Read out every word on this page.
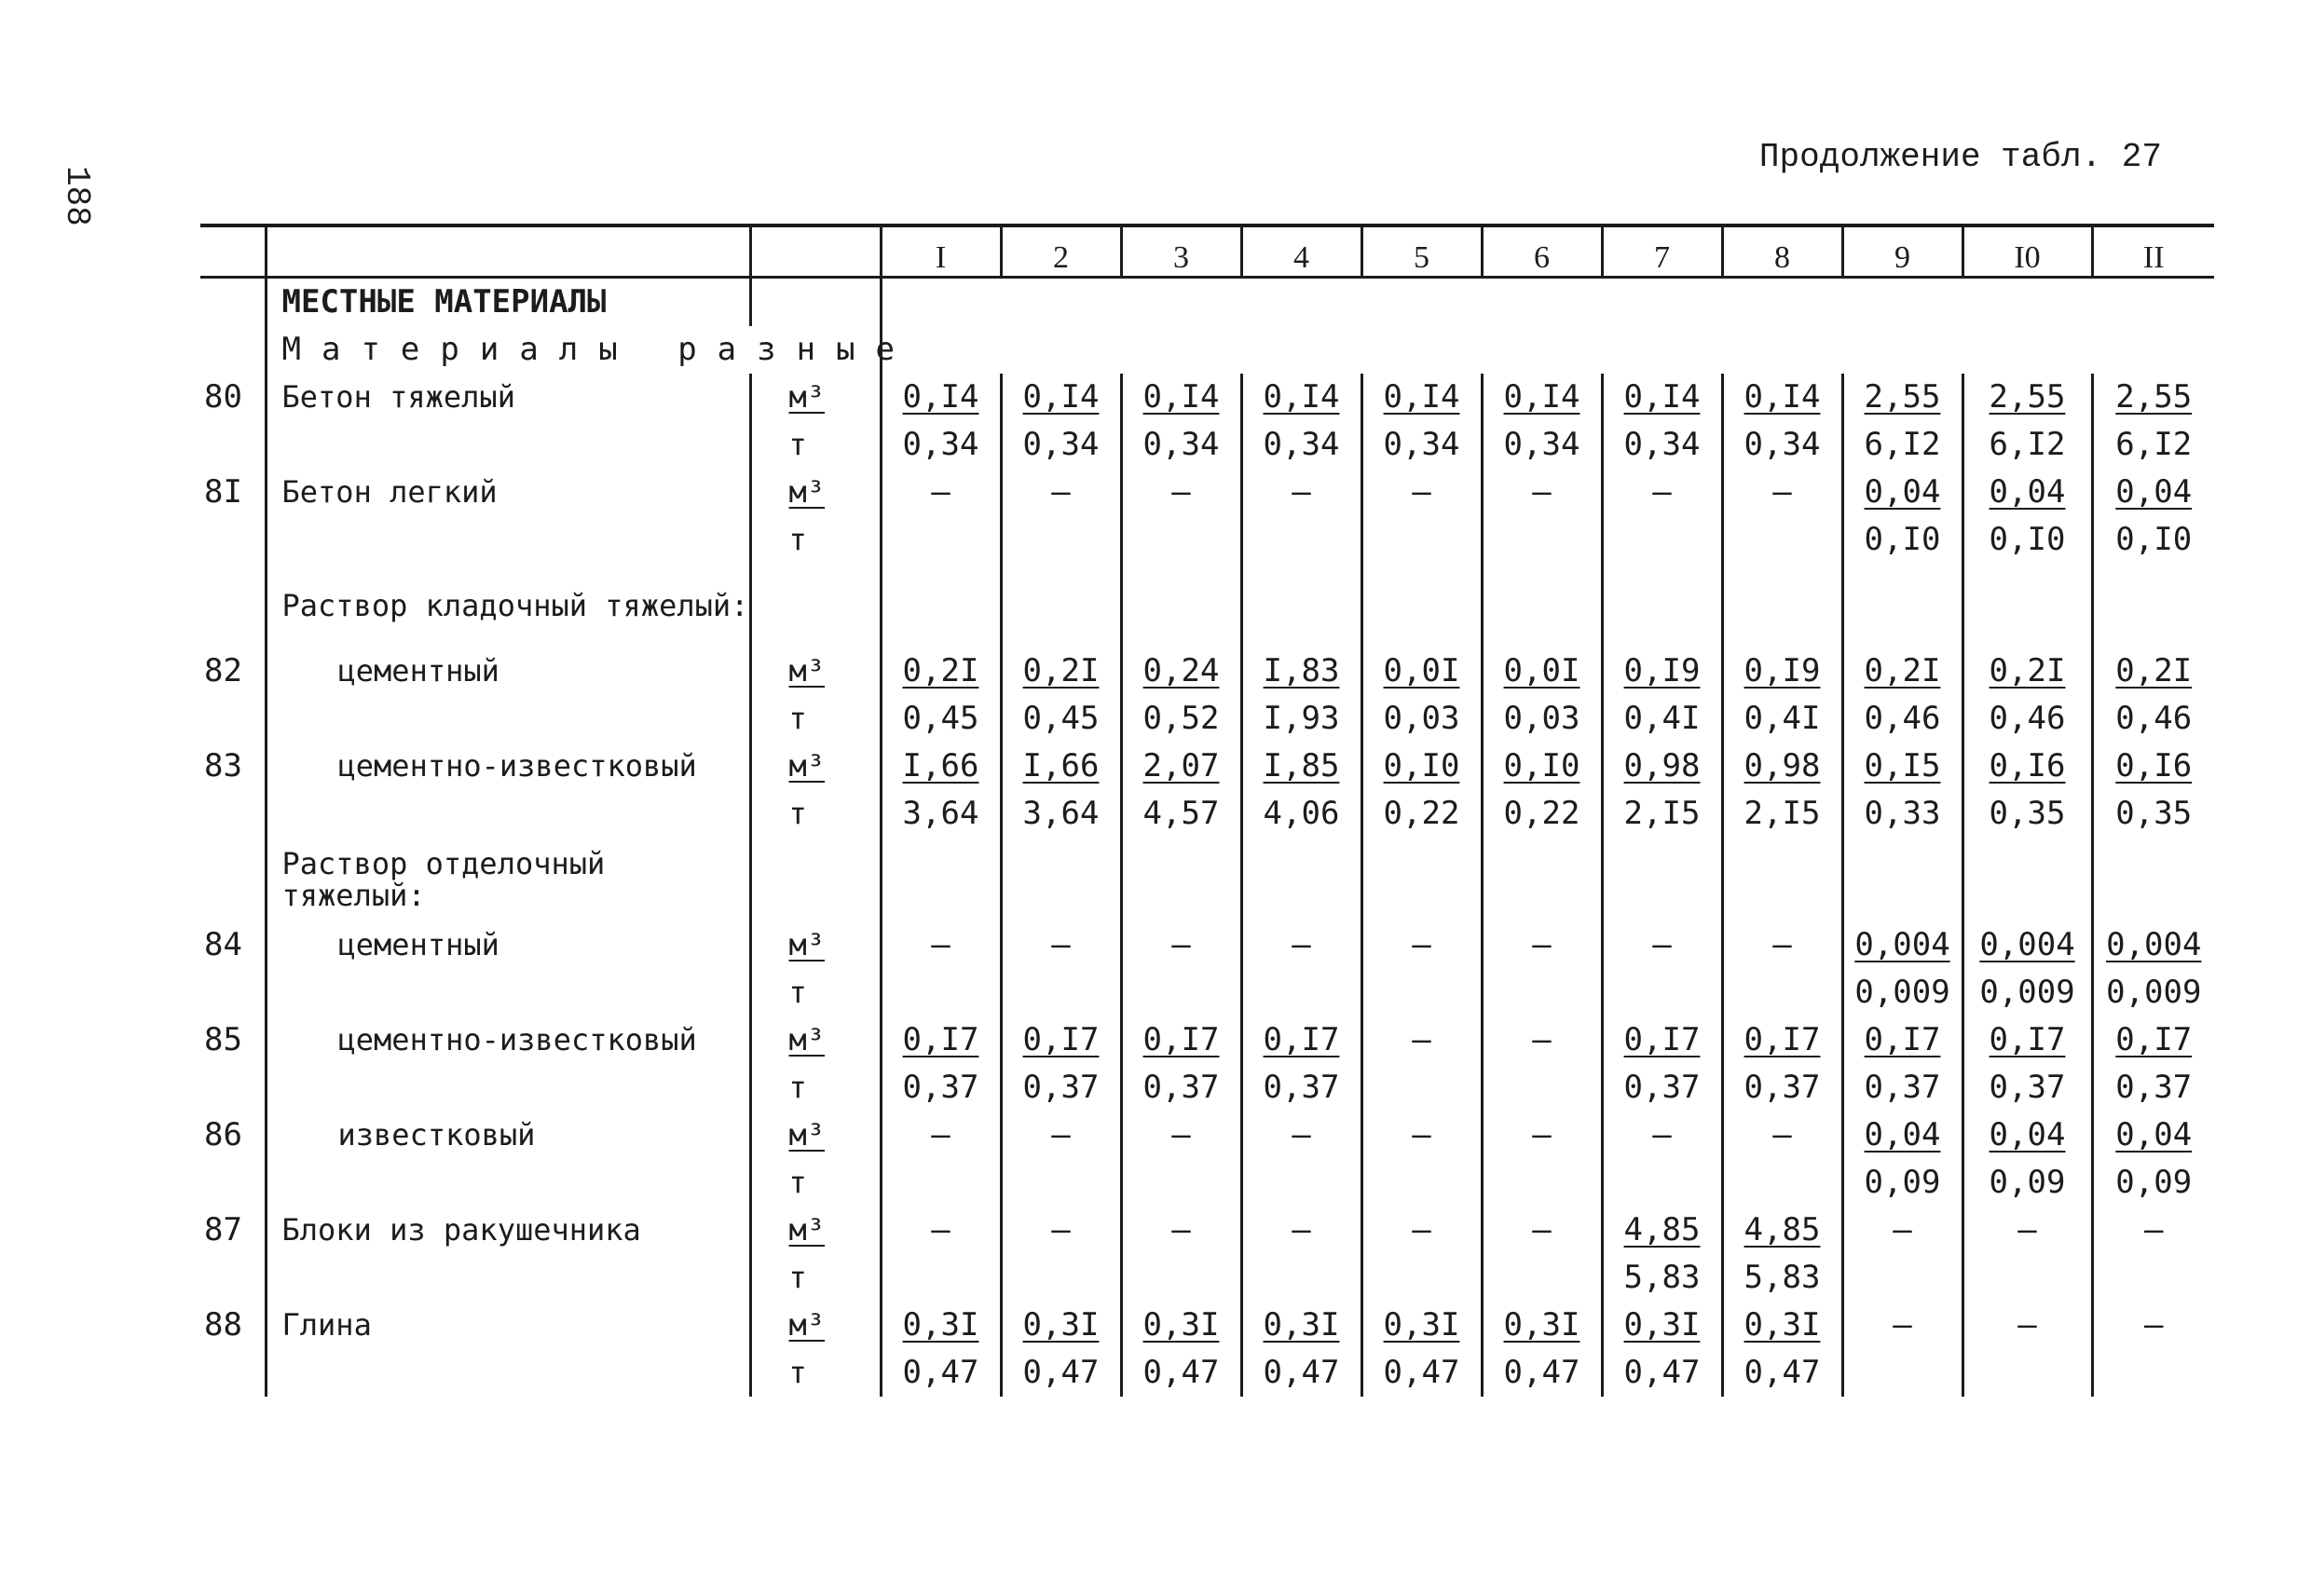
188
Продолжение табл. 27
			I	2	3	4	5	6	7	8	9	I0	II
	МЕСТНЫЕ МАТЕРИАЛЫ												
	Материалы разные												
80	Бетон тяжелый	м³	0,I4	0,I4	0,I4	0,I4	0,I4	0,I4	0,I4	0,I4	2,55	2,55	2,55
		т	0,34	0,34	0,34	0,34	0,34	0,34	0,34	0,34	6,I2	6,I2	6,I2
8I	Бетон легкий	м³	–	–	–	–	–	–	–	–	0,04	0,04	0,04
		т									0,I0	0,I0	0,I0
	Раствор кладочный тяжелый:												
82	цементный	м³	0,2I	0,2I	0,24	I,83	0,0I	0,0I	0,I9	0,I9	0,2I	0,2I	0,2I
		т	0,45	0,45	0,52	I,93	0,03	0,03	0,4I	0,4I	0,46	0,46	0,46
83	цементно-известковый	м³	I,66	I,66	2,07	I,85	0,I0	0,I0	0,98	0,98	0,I5	0,I6	0,I6
		т	3,64	3,64	4,57	4,06	0,22	0,22	2,I5	2,I5	0,33	0,35	0,35
	Раствор отделочный тяжелый:												
84	цементный	м³	–	–	–	–	–	–	–	–	0,004	0,004	0,004
		т									0,009	0,009	0,009
85	цементно-известковый	м³	0,I7	0,I7	0,I7	0,I7	–	–	0,I7	0,I7	0,I7	0,I7	0,I7
		т	0,37	0,37	0,37	0,37			0,37	0,37	0,37	0,37	0,37
86	известковый	м³	–	–	–	–	–	–	–	–	0,04	0,04	0,04
		т									0,09	0,09	0,09
87	Блоки из ракушечника	м³	–	–	–	–	–	–	4,85	4,85	–	–	–
		т							5,83	5,83			
88	Глина	м³	0,3I	0,3I	0,3I	0,3I	0,3I	0,3I	0,3I	0,3I	–	–	–
		т	0,47	0,47	0,47	0,47	0,47	0,47	0,47	0,47			
